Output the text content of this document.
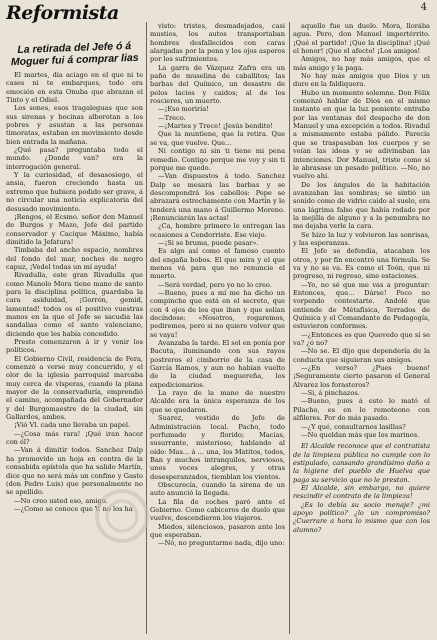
Reformista	4
La retirada del Jefe ó á
Moguer fui á comprar lias

El martes, día aciago en el que ni te cases ni te embarques, todo era emoción en esta Onuba que abrazan el Tinto y el Odiel.

Los sones, esos tragaleguas que son sus sirenas y bocinas alborotan a los pobres y asustan a las personas timoratas, estaban en movimiento desde bien entrada la mañana.

¿Qué pasa? preguntaba todo el mundo. ¿Donde van? era la interrogación general.

Y la curiosidad, el desasosiego, el ansia, fueron creciendo hasta un extremo que hubiera podido ser grave, á no circular una noticia explicatoria del desusado movimiento.

¡Rengos, el Ecsmo. señor don Manuel de Burgos y Mazo, Jefe del partido conservador y Cacique Máximo, había dimitido la Jefatura!

Timbaba del ancho espacio, nombres del fondo del mar, noches de negro capuz, ¡Vedel todas un mí ayuda!

Rivadulla, este gran Rivadulla que como Manolo Mora tiene mano de santo para la disciplina política, guardaba la cara asiduidad, ¡Gorrón, gemid, lamentad! todos os el positivo vuestras manos en la que el Jefe se sacudia las sandalias como el santo valenciano, diciendo que les había concedido.

Presto comenzaron á ir y venir los políticos.

El Gobierno Civil, residencia de Fera, comenzó a verse muy concurrido, y el olor de la iglesia parroquial marcaba muy cerca de vísperas, cuando la plana mayor de la conservaduría, emprendió el camino, acompañada del Gobernador y del Burgomaestre de la ciudad, sin Gallardos, ambos.

¡Vió Vl. cada uno llevaba un papel.

—¿Cosa más rara! ¡Qué iran hacer con él?

—Van á dimitir todos. Sanchez Dalp ha promovido un hoja en contra de la consabida epístola que ha salido Martín, dice que no será más un confine y Gasto (don Pedro Luis) que personalmente no se apellido.

—No creo usted eso, amigo.

—¿Como se conoce que V. no los ha

visto: tristes, desmadejados, casi mustios, los autos transportaban hombres desfallecidos con caras alargadas por la pena y los ojos asperos por los sufrimientos.

La garra de Vázquez Zafra era un paño de muselina de caballitos; las barbas del Químico, un desastre de pelos lacios y caidos; al de los roscieres, un muerto.

—¡Eso moriría!

—Treco.

—¡Martes y Trece! ¡Jesús bendito!

Que la muntiene, que la retira. Que se va, que vuelve. Que...

Ni contigo ni sin ti tiene mi pena remedio. Contigo porque me voy y sin ti porque me quedo.

—Van dispuestos á todo. Sanchez Dalp se mesará las barbas y se descompondrá los cabellos: Pepe se abrazará estrechamente con Martín y le tenderá una mano á Guillermo Moreno. ¡Renunciarán las actas!

¿Ca, hombre primero le entregan las ocasiones a Cendorriste. Ese viejo.

—¡Si se bruma, puede pasar».

Es algo así como el famoso cuento del engaña bobos. El que mira y el que menos vá para que no renuncie el muerto.

—Será verdad, pero yo no lo creo.

—Bueno, pues a mí me ha dicho un compinche que está en el secreto, que con 4 ojos de los que iban y que solían decíndose: «Nosotros, rogaremos, pediremos, pero si no quiere volver que se vaya!

Avanzaba la tarde. El sol en ponía por Bacuta, iluminando con sus rayos postreros el cimborrio de la casa de García Ramos, y aun no habian vuelto de la ciudad meguereña, los expedicionarios.

La rayo de la mano de nuestro Alcalde era la única esperanza de los que se quedaron.

Suarez, vestido de Jefe de Administración local. Pacho, todo perfumado y florido; Macias, susurrante, misterioso, hablando al oído: Mas... á ... una, los Matitos, todos, Ban y muchos intranquilos, nerviosos, unos voces alegres, y otras desesperanzados, tiemblan los vientos.

Obscurecía, cuando la sirena de un auto anunció la llegada.

La fila de coches paró ante el Gobierno. Como cabiceros de duelo que vuelve, descendieron los viajeros.

Miedos, silenciosos, pasaron ante los que esperaban.

—Nó, no preguntarme nada, dijo uno:

aquello fue un duelo. Mora, llorába agua. Pero, don Manuel impertérrito. ¡Qué el partido! ¡Que la disciplina! ¡Qué el honor! ¡Que el afecto! ¡Los amigos!

Amigos, no hay más amigos, que el más amigo y la paga.

No hay más amigos que Dios y un duro en la faldiquera.

Hubo un momento solemne. Don Félix comenzó hablar de Dios en el mismo instante en que la luz poniente entraba por las ventanas del despacho de don Manuel y una excepción a todos. Rivadul a mismamente estaba pálido. Parecía que se traspasaban los cuerpos y se veían las ideas y se adivinaban las intenciones. Dor Manuel, triste como si le abrasase un pesado político. —No, no vuelvo ahí.

De los ángulos de la habitación avanzaban las sombras; se sintió un sonido como de vidrio caido al suelo, era una lágrima falso que había rodado por la mejilla de alguno y a la penumbra no me dejaba verle la cara.

Se hizo la luz y volvieron las sonrisas, y las esperanzas.

El Jefe se defendía, atacaban los otros, y por fin encontró una fórmula. Se va y no se va. Es como el Toón, que ni progreso, ni regreso, sine estaciones.

—Yo, no sé que me vas a preguntar: Entonces, que... Dárse! Poco no vorpendo contestarte. Andolé que entiende de Métafísica, Terrados de Química y el Comandante de Pedagogía, estuvieron conformes.

—¿Entonces es que Quevedo que sí se va? ¿ó no?

—No se. El dijo que dependería de la conducta que siguieran sus amigos.

—¿En verso? ¿Pues bueno! ¡Seguramente cierto pasaron el General Alvarez los forasteros?

—Si, á pinchazos.

—Bueno, pues á esto lo mató el Pilacho, es en lo remoteono con alfileres. Por do más pasado.

—¿Y qué, consultarnos lasillas?

—No queldan más que los marinos.

El Alcalde reconoce que el contratista de la limpieza pública no cumple con lo estipulado, cansando grandísimo daño a la higiene del pueblo de Huelva que paga su servicio que no le prestan.

El Alcalde, sin embargo, no quiere rescindir el contrato de la limpieza!

¿Es lo debía su socio menaje? ¿mi apoyo político? ¿lo un compromiso? ¿Cuerrare a hora lo mismo que con los alumno?
